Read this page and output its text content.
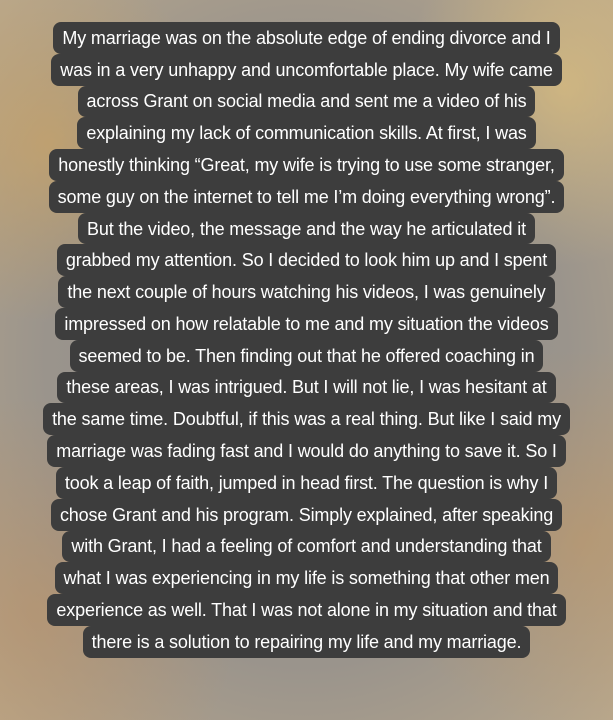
My marriage was on the absolute edge of ending divorce and I
was in a very unhappy and uncomfortable place. My wife came
across Grant on social media and sent me a video of his
explaining my lack of communication skills. At first, I was
honestly thinking “Great, my wife is trying to use some stranger,
some guy on the internet to tell me I’m doing everything wrong”.
But the video, the message and the way he articulated it
grabbed my attention. So I decided to look him up and I spent
the next couple of hours watching his videos, I was genuinely
impressed on how relatable to me and my situation the videos
seemed to be. Then finding out that he offered coaching in
these areas, I was intrigued. But I will not lie, I was hesitant at
the same time. Doubtful, if this was a real thing. But like I said my
marriage was fading fast and I would do anything to save it. So I
took a leap of faith, jumped in head first. The question is why I
chose Grant and his program. Simply explained, after speaking
with Grant, I had a feeling of comfort and understanding that
what I was experiencing in my life is something that other men
experience as well. That I was not alone in my situation and that
there is a solution to repairing my life and my marriage.
